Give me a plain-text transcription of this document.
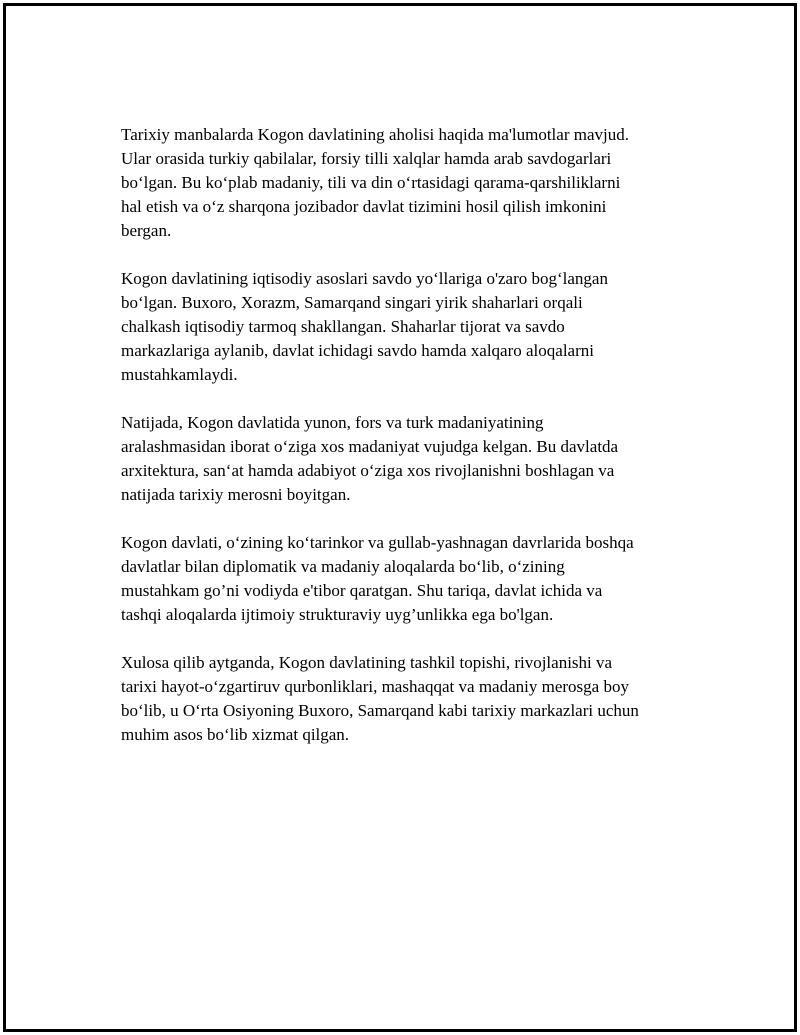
Tarixiy manbalarda Kogon davlatining aholisi haqida ma'lumotlar mavjud.
Ular orasida turkiy qabilalar, forsiy tilli xalqlar hamda arab savdogarlari
bo‘lgan. Bu ko‘plab madaniy, tili va din o‘rtasidagi qarama-qarshiliklarni
hal etish va o‘z sharqona jozibador davlat tizimini hosil qilish imkonini
bergan.

Kogon davlatining iqtisodiy asoslari savdo yo‘llariga o'zaro bog‘langan
bo‘lgan. Buxoro, Xorazm, Samarqand singari yirik shaharlari orqali
chalkash iqtisodiy tarmoq shakllangan. Shaharlar tijorat va savdo
markazlariga aylanib, davlat ichidagi savdo hamda xalqaro aloqalarni
mustahkamlaydi.

Natijada, Kogon davlatida yunon, fors va turk madaniyatining
aralashmasidan iborat o‘ziga xos madaniyat vujudga kelgan. Bu davlatda
arxitektura, san‘at hamda adabiyot o‘ziga xos rivojlanishni boshlagan va
natijada tarixiy merosni boyitgan.

Kogon davlati, o‘zining ko‘tarinkor va gullab-yashnagan davrlarida boshqa
davlatlar bilan diplomatik va madaniy aloqalarda bo‘lib, o‘zining
mustahkam go’ni vodiyda e'tibor qaratgan. Shu tariqa, davlat ichida va
tashqi aloqalarda ijtimoiy strukturaviy uyg’unlikka ega bo'lgan.

Xulosa qilib aytganda, Kogon davlatining tashkil topishi, rivojlanishi va
tarixi hayot-o‘zgartiruv qurbonliklari, mashaqqat va madaniy merosga boy
bo‘lib, u O‘rta Osiyoning Buxoro, Samarqand kabi tarixiy markazlari uchun
muhim asos bo‘lib xizmat qilgan.
